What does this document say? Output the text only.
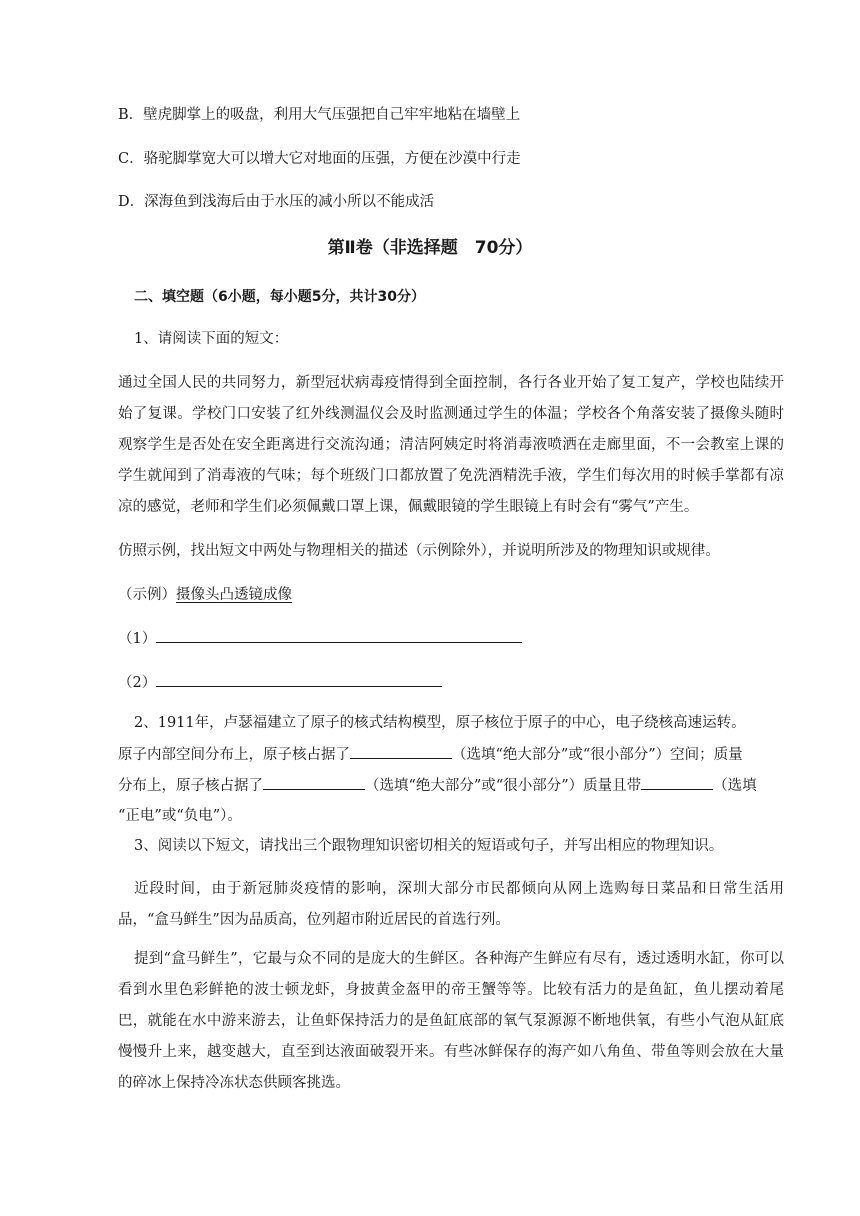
B．壁虎脚掌上的吸盘，利用大气压强把自己牢牢地粘在墙壁上
C．骆驼脚掌宽大可以增大它对地面的压强，方便在沙漠中行走
D．深海鱼到浅海后由于水压的减小所以不能成活
第Ⅱ卷（非选择题　70分）
二、填空题（6小题，每小题5分，共计30分）
1、请阅读下面的短文：
通过全国人民的共同努力，新型冠状病毒疫情得到全面控制，各行各业开始了复工复产，学校也陆续开始了复课。学校门口安装了红外线测温仪会及时监测通过学生的体温；学校各个角落安装了摄像头随时观察学生是否处在安全距离进行交流沟通；清洁阿姨定时将消毒液喷洒在走廊里面，不一会教室上课的学生就闻到了消毒液的气味；每个班级门口都放置了免洗酒精洗手液，学生们每次用的时候手掌都有凉凉的感觉，老师和学生们必须佩戴口罩上课，佩戴眼镜的学生眼镜上有时会有“雾气”产生。
仿照示例，找出短文中两处与物理相关的描述（示例除外），并说明所涉及的物理知识或规律。
（示例）摄像头凸透镜成像
（1）
（2）
2、1911年，卢瑟福建立了原子的核式结构模型，原子核位于原子的中心，电子绕核高速运转。
原子内部空间分布上，原子核占据了	（选填“绝大部分”或“很小部分”）空间；质量
分布上，原子核占据了	（选填“绝大部分”或“很小部分”）质量且带	（选填
“正电”或“负电”）。
3、阅读以下短文，请找出三个跟物理知识密切相关的短语或句子，并写出相应的物理知识。
近段时间，由于新冠肺炎疫情的影响，深圳大部分市民都倾向从网上选购每日菜品和日常生活用品，“盒马鲜生”因为品质高，位列超市附近居民的首选行列。
提到“盒马鲜生”，它最与众不同的是庞大的生鲜区。各种海产生鲜应有尽有，透过透明水缸，你可以看到水里色彩鲜艳的波士顿龙虾，身披黄金盔甲的帝王蟹等等。比较有活力的是鱼缸，鱼儿摆动着尾巴，就能在水中游来游去，让鱼虾保持活力的是鱼缸底部的氧气泵源源不断地供氧，有些小气泡从缸底慢慢升上来，越变越大，直至到达液面破裂开来。有些冰鲜保存的海产如八角鱼、带鱼等则会放在大量的碎冰上保持冷冻状态供顾客挑选。
